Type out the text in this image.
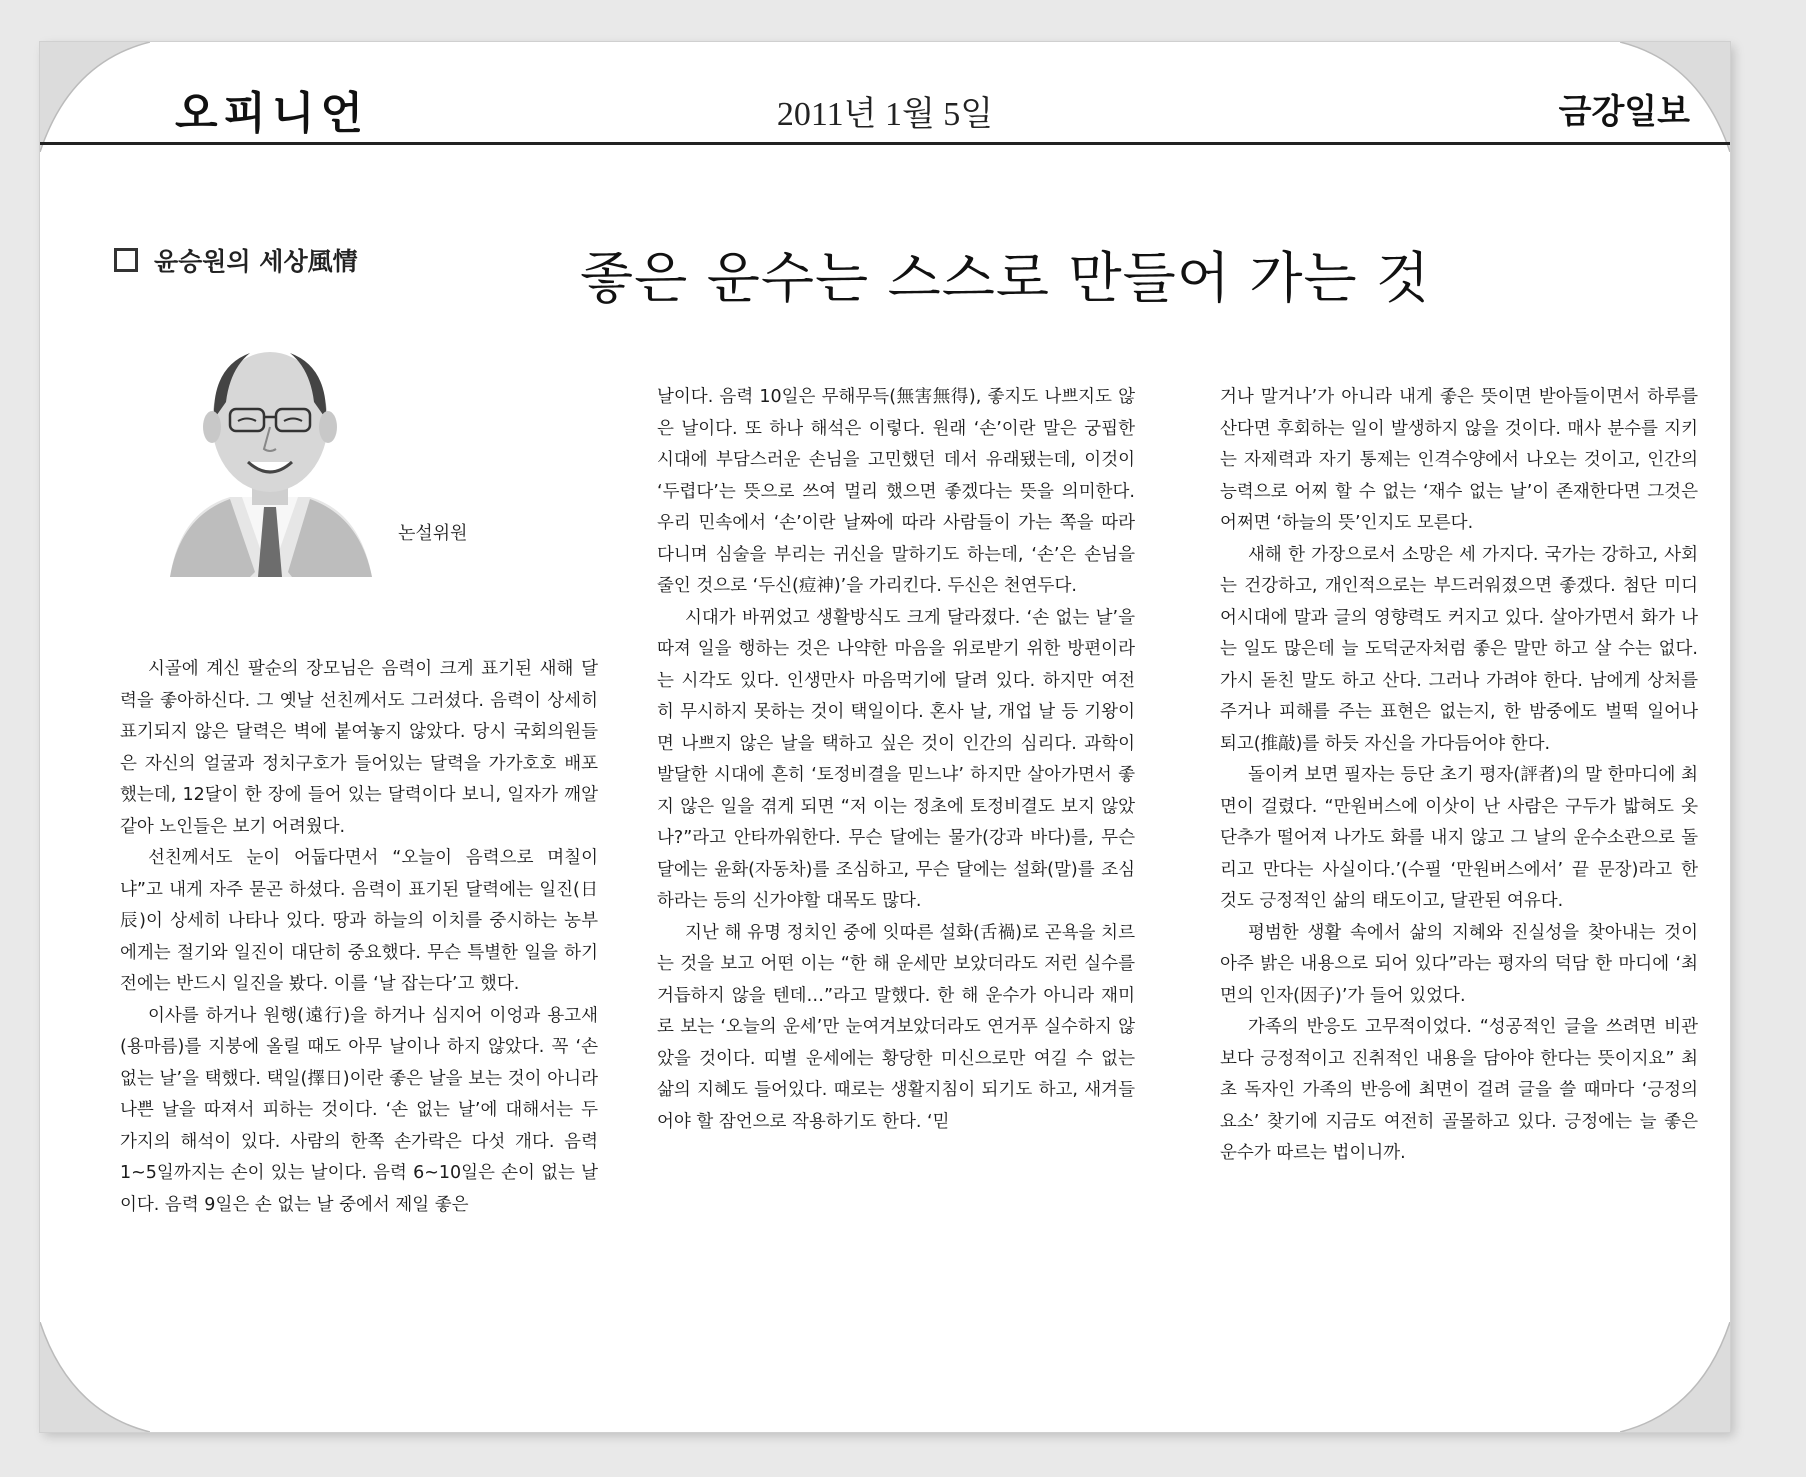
오피니언	2011년 1월 5일	금강일보
윤승원의 세상風情	좋은 운수는 스스로 만들어 가는 것
논설위원

시골에 계신 팔순의 장모님은 음력이 크게 표기된 새해 달력을 좋아하신다. 그 옛날 선친께서도 그러셨다. 음력이 상세히 표기되지 않은 달력은 벽에 붙여놓지 않았다. 당시 국회의원들은 자신의 얼굴과 정치구호가 들어있는 달력을 가가호호 배포했는데, 12달이 한 장에 들어 있는 달력이다 보니, 일자가 깨알 같아 노인들은 보기 어려웠다.

선친께서도 눈이 어둡다면서 “오늘이 음력으로 며칠이냐”고 내게 자주 묻곤 하셨다. 음력이 표기된 달력에는 일진(日辰)이 상세히 나타나 있다. 땅과 하늘의 이치를 중시하는 농부에게는 절기와 일진이 대단히 중요했다. 무슨 특별한 일을 하기 전에는 반드시 일진을 봤다. 이를 ‘날 잡는다’고 했다.

이사를 하거나 원행(遠行)을 하거나 심지어 이엉과 용고새(용마름)를 지붕에 올릴 때도 아무 날이나 하지 않았다. 꼭 ‘손 없는 날’을 택했다. 택일(擇日)이란 좋은 날을 보는 것이 아니라 나쁜 날을 따져서 피하는 것이다. ‘손 없는 날’에 대해서는 두 가지의 해석이 있다. 사람의 한쪽 손가락은 다섯 개다. 음력 1~5일까지는 손이 있는 날이다. 음력 6~10일은 손이 없는 날이다. 음력 9일은 손 없는 날 중에서 제일 좋은

날이다. 음력 10일은 무해무득(無害無得), 좋지도 나쁘지도 않은 날이다. 또 하나 해석은 이렇다. 원래 ‘손’이란 말은 궁핍한 시대에 부담스러운 손님을 고민했던 데서 유래됐는데, 이것이 ‘두렵다’는 뜻으로 쓰여 멀리 했으면 좋겠다는 뜻을 의미한다. 우리 민속에서 ‘손’이란 날짜에 따라 사람들이 가는 쪽을 따라 다니며 심술을 부리는 귀신을 말하기도 하는데, ‘손’은 손님을 줄인 것으로 ‘두신(痘神)’을 가리킨다. 두신은 천연두다.

시대가 바뀌었고 생활방식도 크게 달라졌다. ‘손 없는 날’을 따져 일을 행하는 것은 나약한 마음을 위로받기 위한 방편이라는 시각도 있다. 인생만사 마음먹기에 달려 있다. 하지만 여전히 무시하지 못하는 것이 택일이다. 혼사 날, 개업 날 등 기왕이면 나쁘지 않은 날을 택하고 싶은 것이 인간의 심리다. 과학이 발달한 시대에 흔히 ‘토정비결을 믿느냐’ 하지만 살아가면서 좋지 않은 일을 겪게 되면 “저 이는 정초에 토정비결도 보지 않았나?”라고 안타까워한다. 무슨 달에는 물가(강과 바다)를, 무슨 달에는 윤화(자동차)를 조심하고, 무슨 달에는 설화(말)를 조심하라는 등의 신가야할 대목도 많다.

지난 해 유명 정치인 중에 잇따른 설화(舌禍)로 곤욕을 치르는 것을 보고 어떤 이는 “한 해 운세만 보았더라도 저런 실수를 거듭하지 않을 텐데…”라고 말했다. 한 해 운수가 아니라 재미로 보는 ‘오늘의 운세’만 눈여겨보았더라도 연거푸 실수하지 않았을 것이다. 띠별 운세에는 황당한 미신으로만 여길 수 없는 삶의 지혜도 들어있다. 때로는 생활지침이 되기도 하고, 새겨들어야 할 잠언으로 작용하기도 한다. ‘믿

거나 말거나’가 아니라 내게 좋은 뜻이면 받아들이면서 하루를 산다면 후회하는 일이 발생하지 않을 것이다. 매사 분수를 지키는 자제력과 자기 통제는 인격수양에서 나오는 것이고, 인간의 능력으로 어찌 할 수 없는 ‘재수 없는 날’이 존재한다면 그것은 어쩌면 ‘하늘의 뜻’인지도 모른다.

새해 한 가장으로서 소망은 세 가지다. 국가는 강하고, 사회는 건강하고, 개인적으로는 부드러워졌으면 좋겠다. 첨단 미디어시대에 말과 글의 영향력도 커지고 있다. 살아가면서 화가 나는 일도 많은데 늘 도덕군자처럼 좋은 말만 하고 살 수는 없다. 가시 돋친 말도 하고 산다. 그러나 가려야 한다. 남에게 상처를 주거나 피해를 주는 표현은 없는지, 한 밤중에도 벌떡 일어나 퇴고(推敲)를 하듯 자신을 가다듬어야 한다.

돌이켜 보면 필자는 등단 초기 평자(評者)의 말 한마디에 최면이 걸렸다. “만원버스에 이삿이 난 사람은 구두가 밟혀도 옷 단추가 떨어져 나가도 화를 내지 않고 그 날의 운수소관으로 돌리고 만다는 사실이다.’(수필 ‘만원버스에서’ 끝 문장)라고 한 것도 긍정적인 삶의 태도이고, 달관된 여유다.

평범한 생활 속에서 삶의 지혜와 진실성을 찾아내는 것이 아주 밝은 내용으로 되어 있다”라는 평자의 덕담 한 마디에 ‘최면의 인자(因子)’가 들어 있었다.

가족의 반응도 고무적이었다. “성공적인 글을 쓰려면 비관보다 긍정적이고 진취적인 내용을 담아야 한다는 뜻이지요” 최초 독자인 가족의 반응에 최면이 걸려 글을 쓸 때마다 ‘긍정의 요소’ 찾기에 지금도 여전히 골몰하고 있다. 긍정에는 늘 좋은 운수가 따르는 법이니까.
